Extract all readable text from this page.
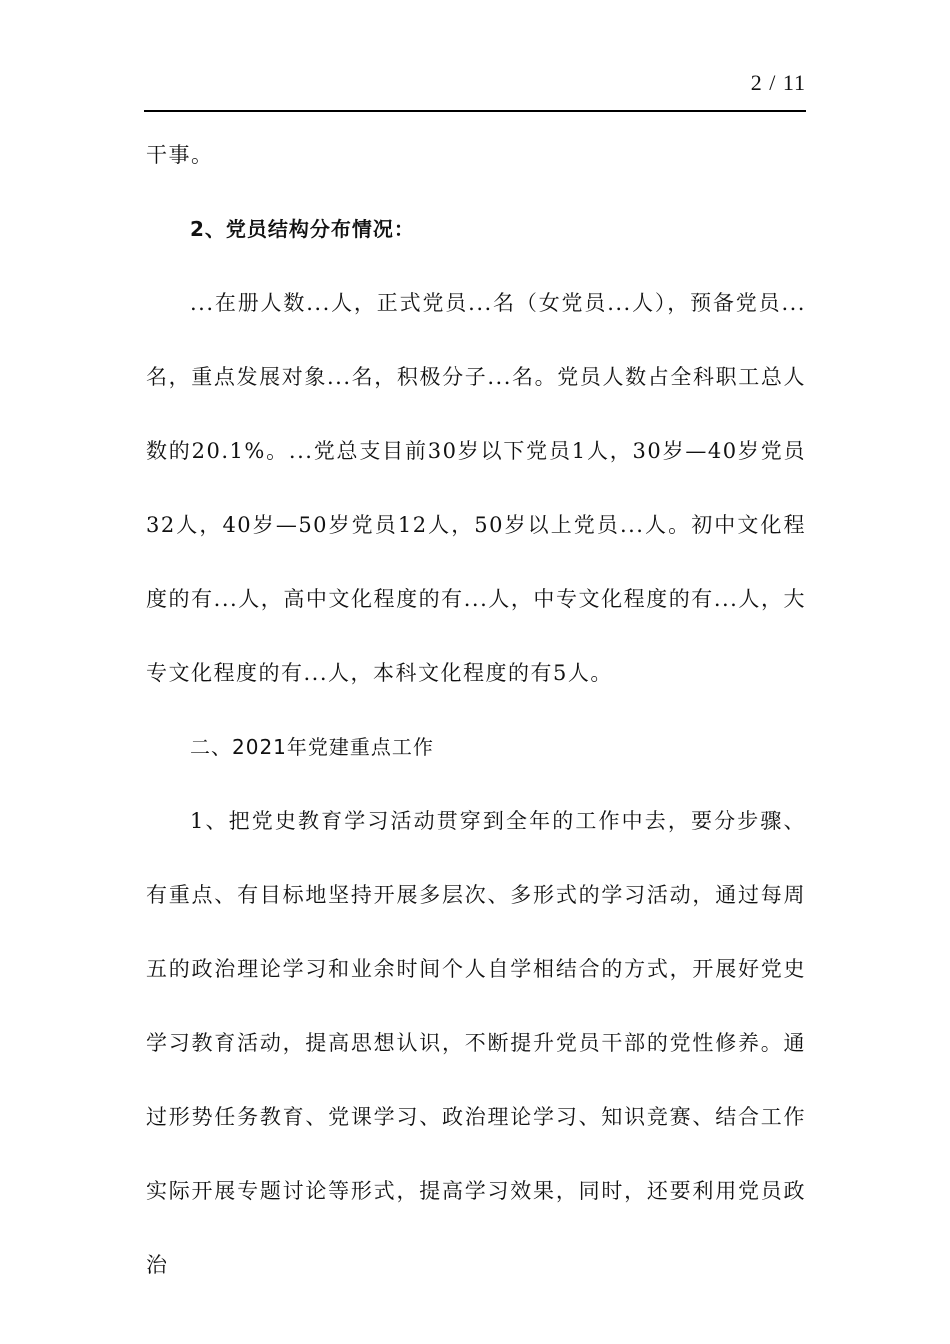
2 / 11

干事。

2、党员结构分布情况：

...在册人数...人，正式党员...名（女党员...人），预备党员...名，重点发展对象...名，积极分子...名。党员人数占全科职工总人数的20.1%。...党总支目前30岁以下党员1人，30岁—40岁党员32人，40岁—50岁党员12人，50岁以上党员...人。初中文化程度的有...人，高中文化程度的有...人，中专文化程度的有...人，大专文化程度的有...人，本科文化程度的有5人。

二、2021年党建重点工作

1、把党史教育学习活动贯穿到全年的工作中去，要分步骤、有重点、有目标地坚持开展多层次、多形式的学习活动，通过每周五的政治理论学习和业余时间个人自学相结合的方式，开展好党史学习教育活动，提高思想认识，不断提升党员干部的党性修养。通过形势任务教育、党课学习、政治理论学习、知识竞赛、结合工作实际开展专题讨论等形式，提高学习效果，同时，还要利用党员政治
